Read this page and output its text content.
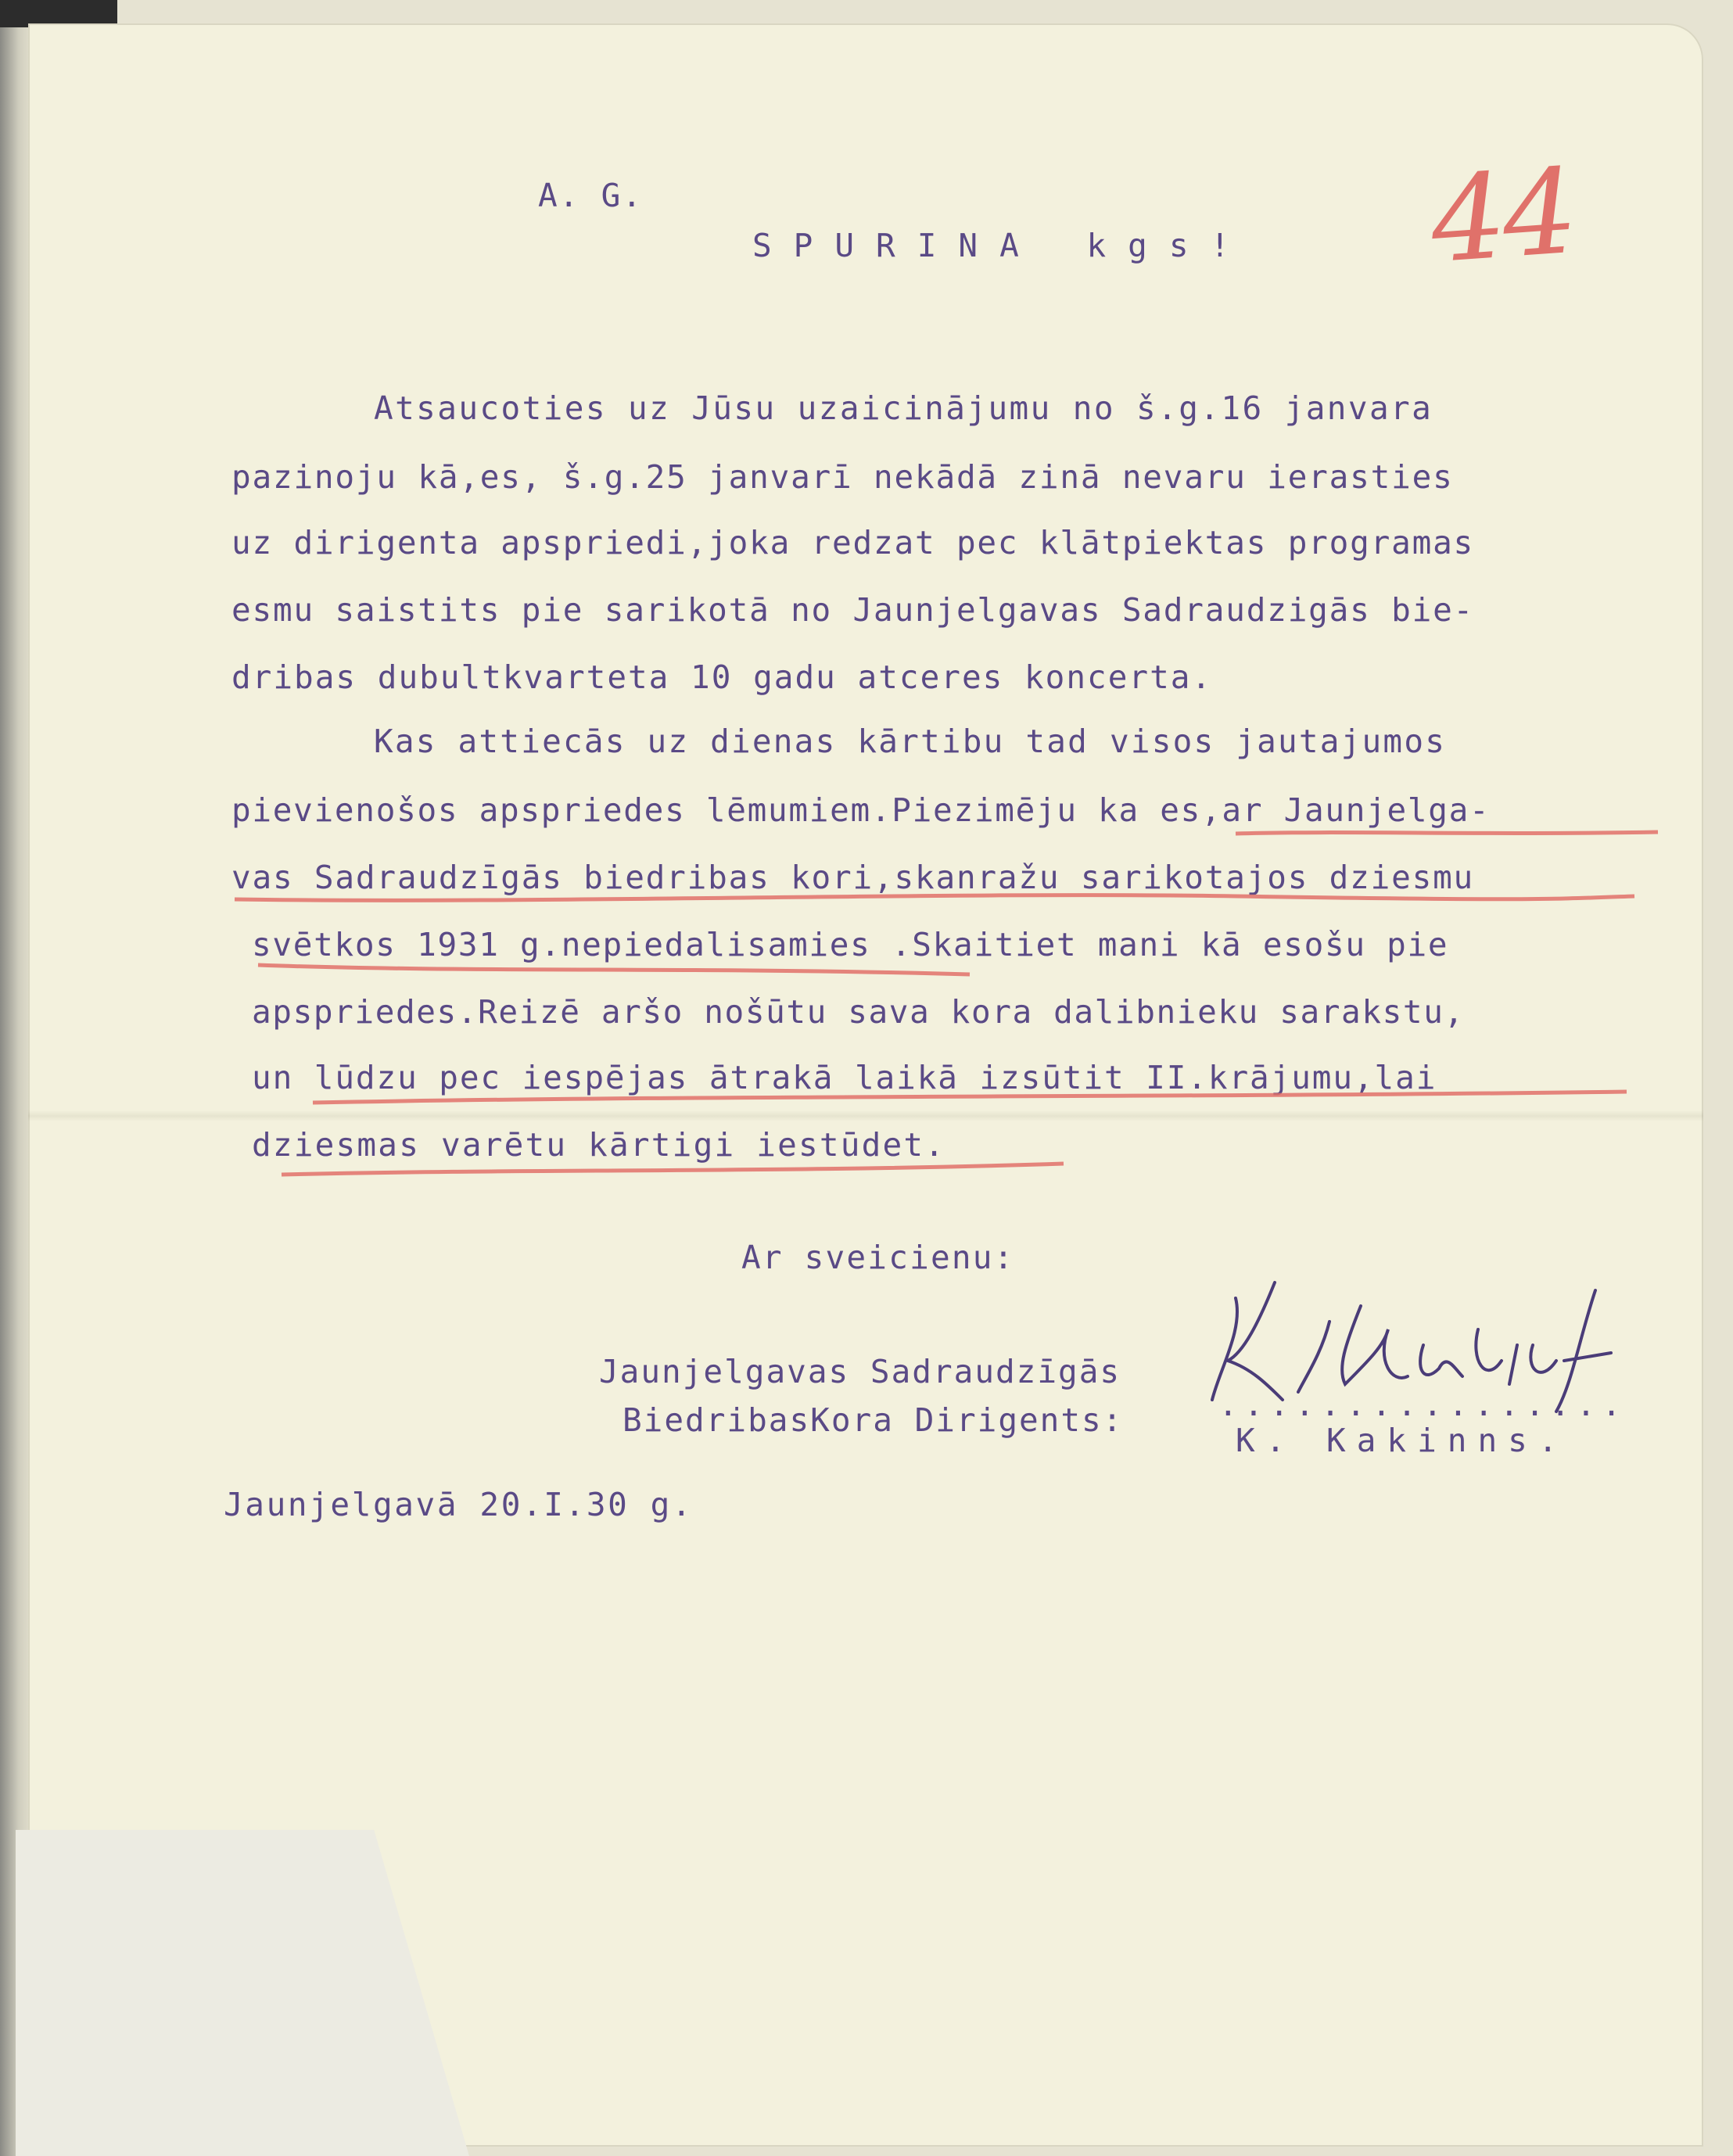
A. G.
SPURINA kgs! 44
Atsaucoties uz Jūsu uzaicinājumu no š.g.16 janvara
pazinoju kā,es, š.g.25 janvarī nekādā zinā nevaru ierasties
uz dirigenta apspriedi,joka redzat pec klātpiektas programas
esmu saistits pie sarikotā no Jaunjelgavas Sadraudzigās bie-
dribas dubultkvarteta 10 gadu atceres koncerta.
Kas attiecās uz dienas kārtibu tad visos jautajumos
pievienošos apspriedes lēmumiem.Piezimēju ka es,ar Jaunjelga-
vas Sadraudzīgās biedribas kori,skanražu sarikotajos dziesmu
svētkos 1931 g.nepiedalisamies .Skaitiet mani kā esošu pie
apspriedes.Reizē aršo nošūtu sava kora dalibnieku sarakstu,
un lūdzu pec iespējas ātrakā laikā izsūtit II.krājumu,lai
dziesmas varētu kārtigi iestūdet.
Ar sveicienu:
Jaunjelgavas Sadraudzīgās
BiedribasKora Dirigents:	................
K. Kakinns.
Jaunjelgavā 20.I.30 g.
